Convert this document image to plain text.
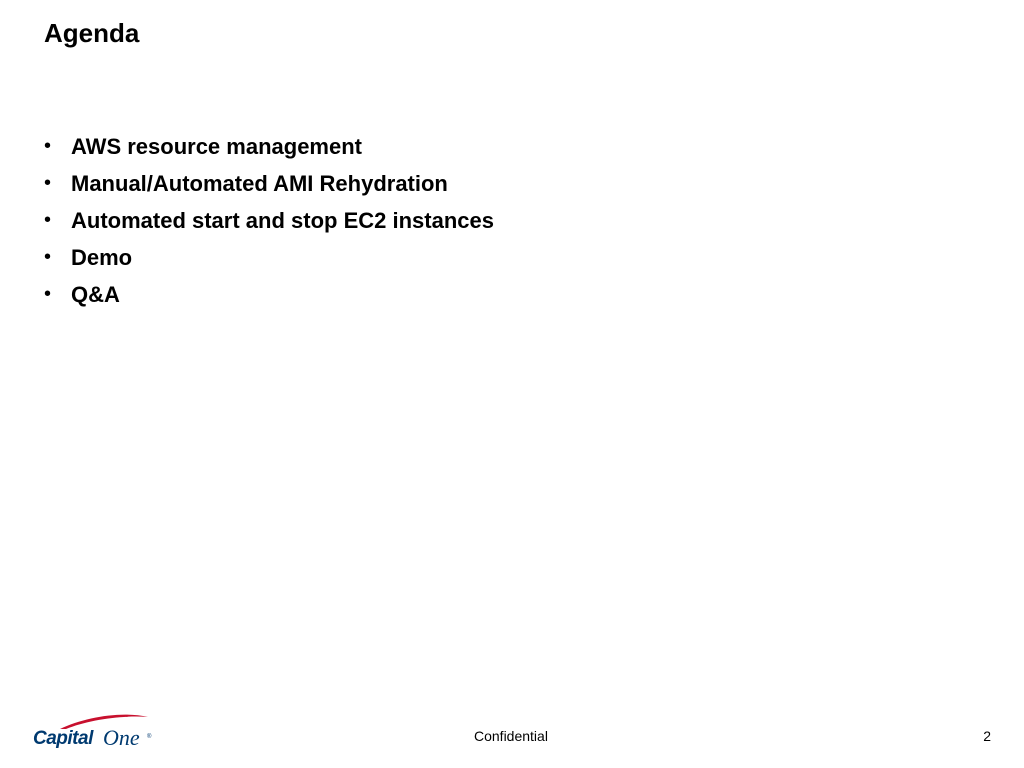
Agenda
• AWS resource management
• Manual/Automated AMI Rehydration
• Automated start and stop EC2 instances
• Demo
• Q&A
Capital One ®	Confidential	2
